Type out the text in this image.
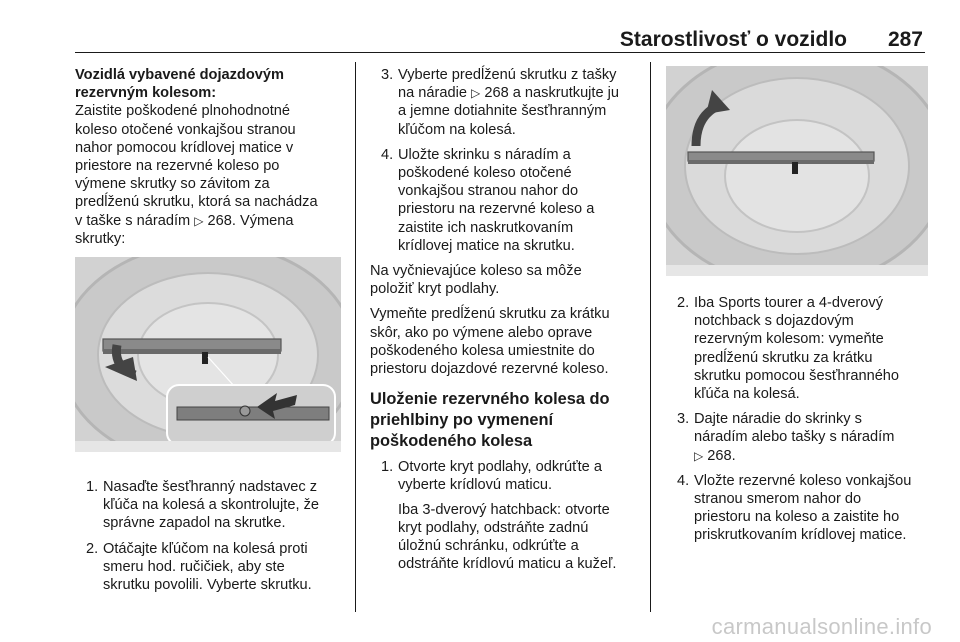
Starostlivosť o vozidlo 287

Vozidlá vybavené dojazdovým
rezervným kolesom:

Zaistite poškodené plnohodnotné
koleso otočené vonkajšou stranou
nahor pomocou krídlovej matice v
priestore na rezervné koleso po
výmene skrutky so závitom za
predĺženú skrutku, ktorá sa nachádza
v taške s náradím ▷ 268. Výmena
skrutky:

1. Nasaďte šesťhranný nadstavec z
kľúča na kolesá a skontrolujte, že
správne zapadol na skrutke.
2. Otáčajte kľúčom na kolesá proti
smeru hod. ručičiek, aby ste
skrutku povolili. Vyberte skrutku.
3. Vyberte predĺženú skrutku z tašky
na náradie ▷ 268 a naskrutkujte ju
a jemne dotiahnite šesťhranným
kľúčom na kolesá.
4. Uložte skrinku s náradím a
poškodené koleso otočené
vonkajšou stranou nahor do
priestoru na rezervné koleso a
zaistite ich naskrutkovaním
krídlovej matice na skrutku.

Na vyčnievajúce koleso sa môže
položiť kryt podlahy.

Vymeňte predĺženú skrutku za krátku
skôr, ako po výmene alebo oprave
poškodeného kolesa umiestnite do
priestoru dojazdové rezervné koleso.

Uloženie rezervného kolesa do
priehlbiny po vymenení
poškodeného kolesa

1. Otvorte kryt podlahy, odkrúťte a
vyberte krídlovú maticu.

Iba 3-dverový hatchback: otvorte
kryt podlahy, odstráňte zadnú
úložnú schránku, odkrúťte a
odstráňte krídlovú maticu a kužeľ.

2. Iba Sports tourer a 4-dverový
notchback s dojazdovým
rezervným kolesom: vymeňte
predĺženú skrutku za krátku
skrutku pomocou šesťhranného
kľúča na kolesá.
3. Dajte náradie do skrinky s
náradím alebo tašky s náradím
▷ 268.
4. Vložte rezervné koleso vonkajšou
stranou smerom nahor do
priestoru na koleso a zaistite ho
priskrutkovaním krídlovej matice.
carmanualsonline.info
